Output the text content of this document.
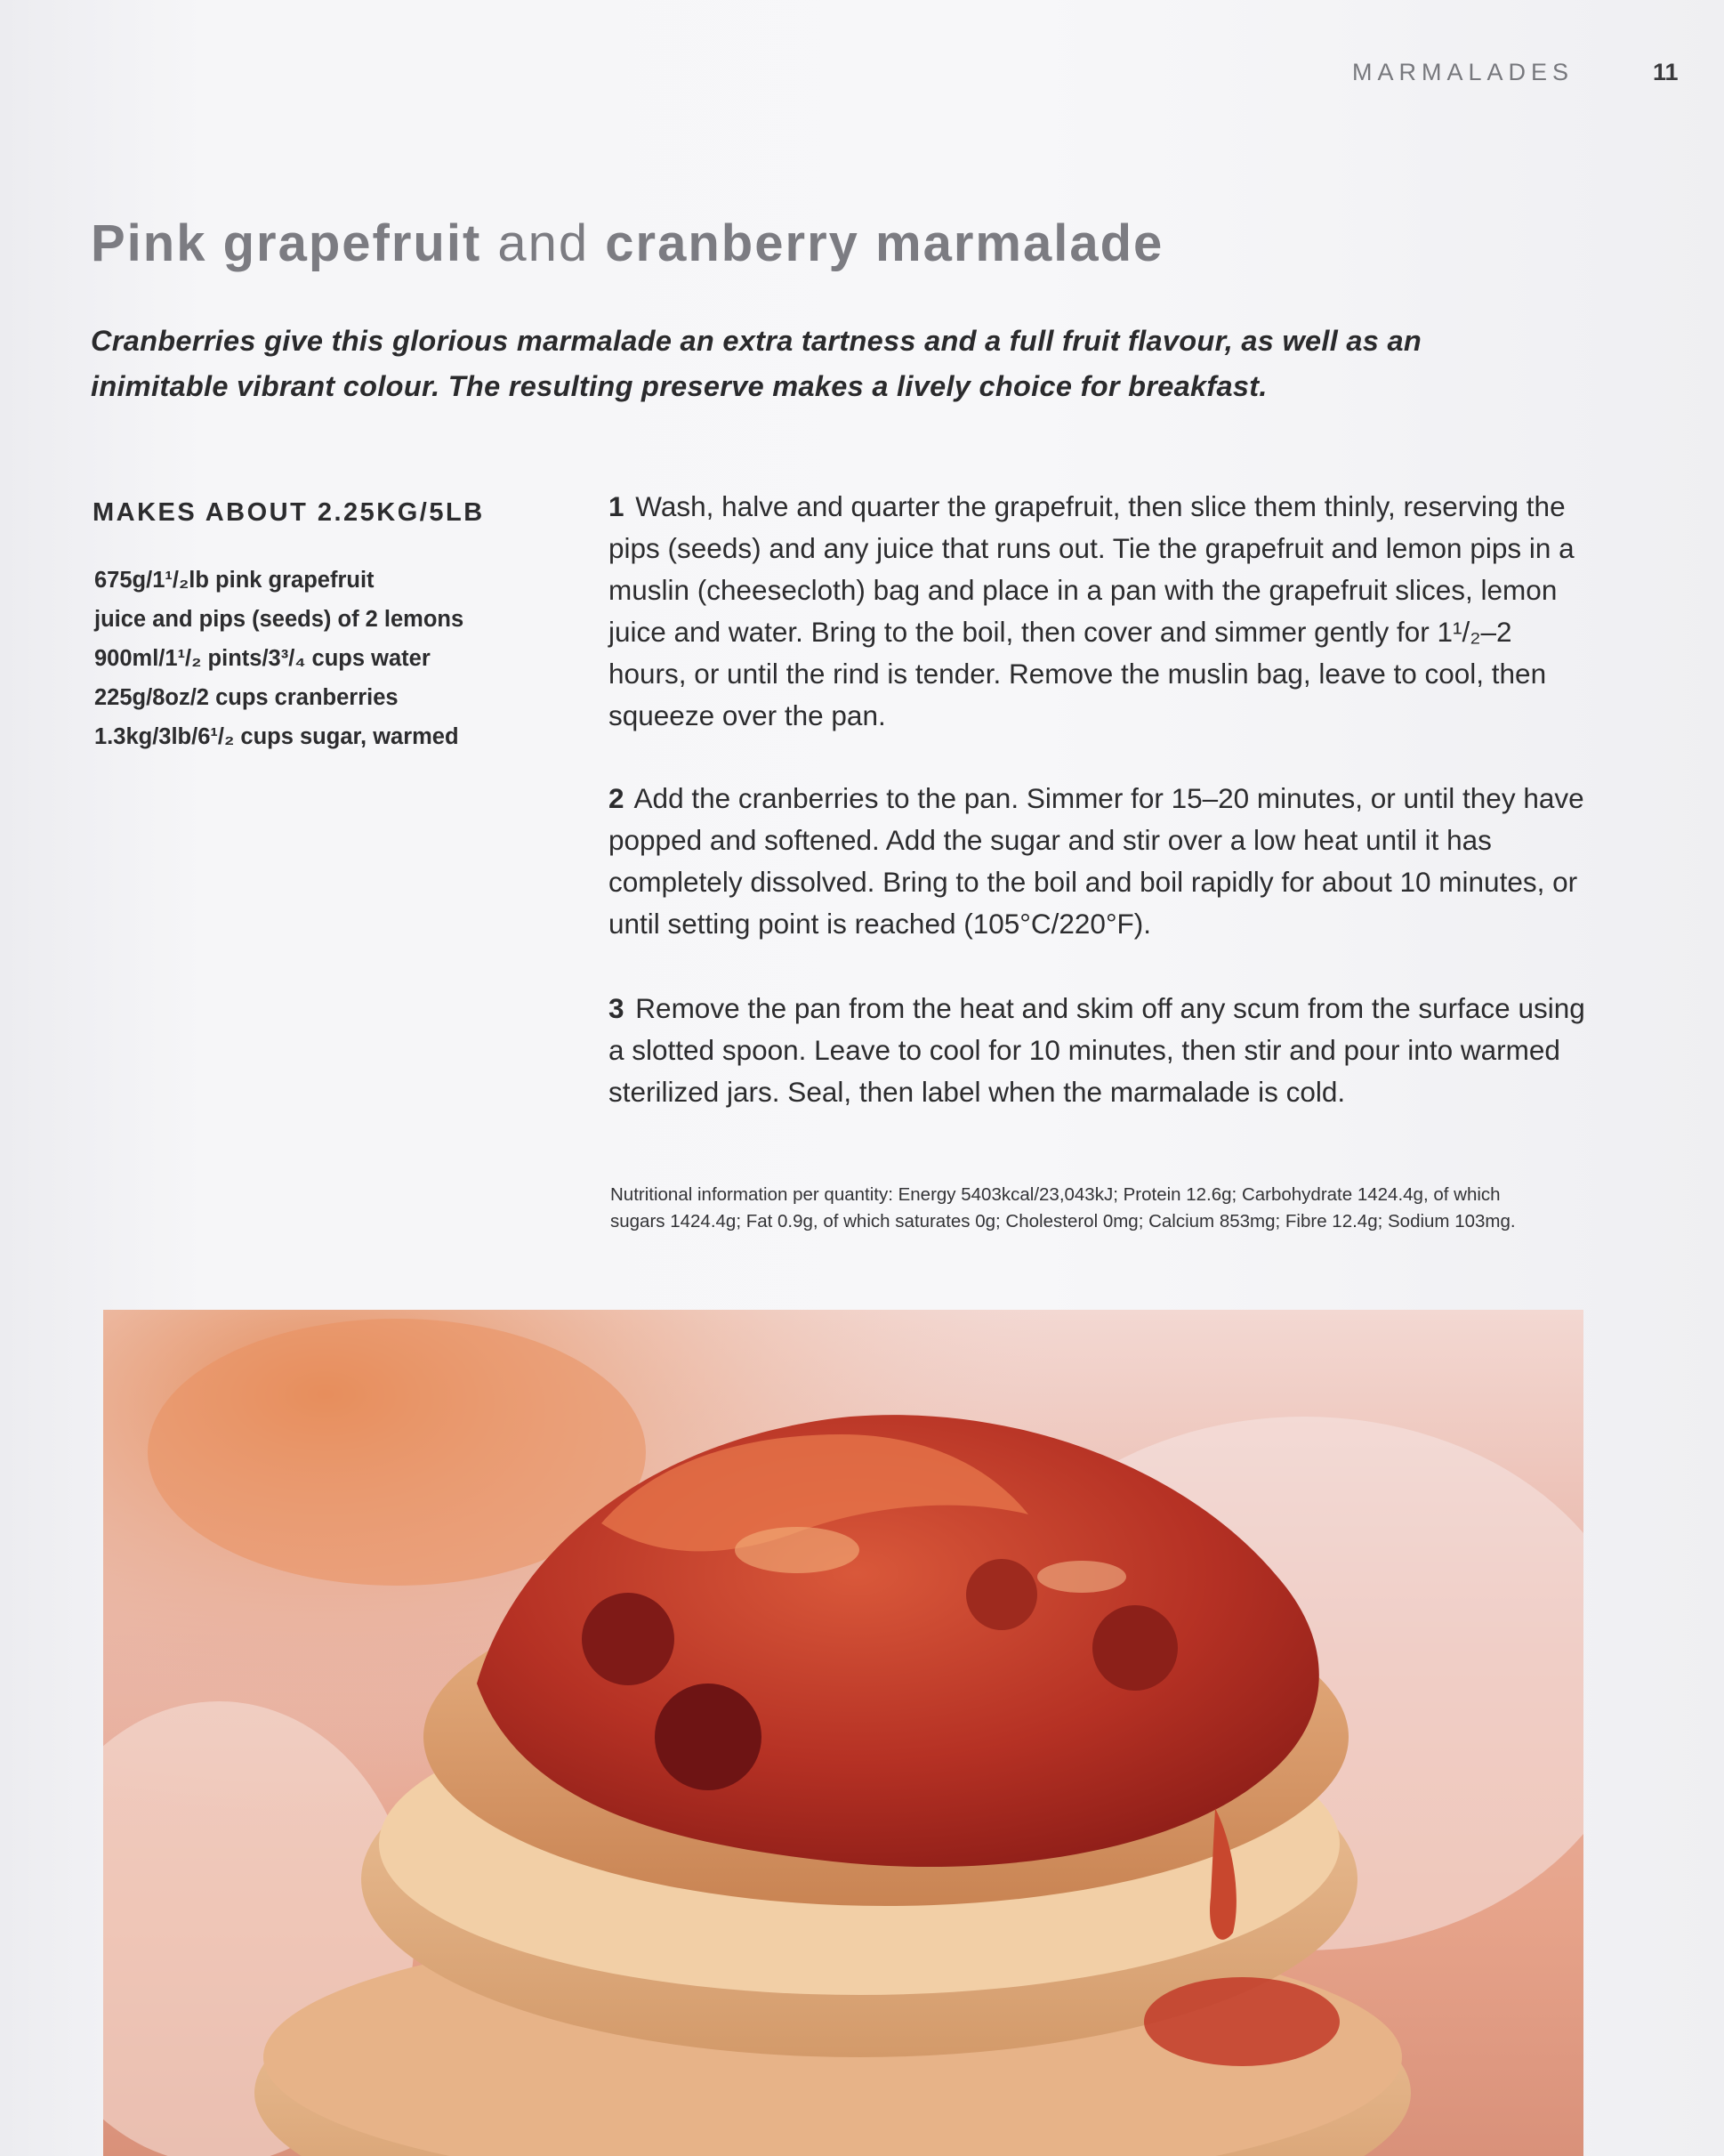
MARMALADES	11
Pink grapefruit and cranberry marmalade

Cranberries give this glorious marmalade an extra tartness and a full fruit flavour, as well as an inimitable vibrant colour. The resulting preserve makes a lively choice for breakfast.

MAKES ABOUT 2.25KG/5LB
675g/1¹/₂lb pink grapefruit
juice and pips (seeds) of 2 lemons
900ml/1¹/₂ pints/3³/₄ cups water
225g/8oz/2 cups cranberries
1.3kg/3lb/6¹/₂ cups sugar, warmed

1 Wash, halve and quarter the grapefruit, then slice them thinly, reserving the pips (seeds) and any juice that runs out. Tie the grapefruit and lemon pips in a muslin (cheesecloth) bag and place in a pan with the grapefruit slices, lemon juice and water. Bring to the boil, then cover and simmer gently for 1¹/₂–2 hours, or until the rind is tender. Remove the muslin bag, leave to cool, then squeeze over the pan.

2 Add the cranberries to the pan. Simmer for 15–20 minutes, or until they have popped and softened. Add the sugar and stir over a low heat until it has completely dissolved. Bring to the boil and boil rapidly for about 10 minutes, or until setting point is reached (105°C/220°F).

3 Remove the pan from the heat and skim off any scum from the surface using a slotted spoon. Leave to cool for 10 minutes, then stir and pour into warmed sterilized jars. Seal, then label when the marmalade is cold.

Nutritional information per quantity: Energy 5403kcal/23,043kJ; Protein 12.6g; Carbohydrate 1424.4g, of which sugars 1424.4g; Fat 0.9g, of which saturates 0g; Cholesterol 0mg; Calcium 853mg; Fibre 12.4g; Sodium 103mg.
